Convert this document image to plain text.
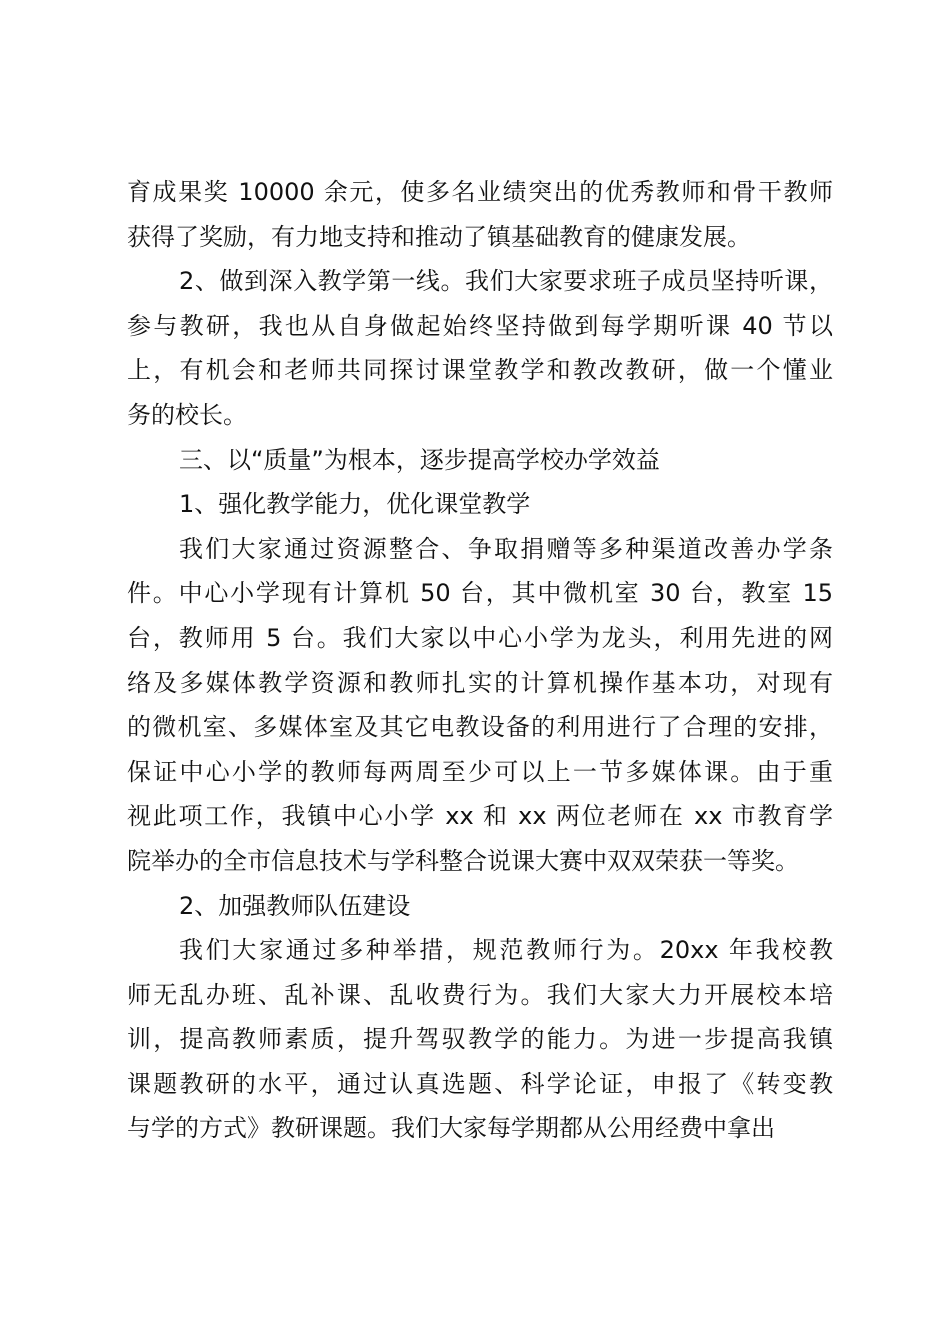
育成果奖 10000 余元，使多名业绩突出的优秀教师和骨干教师
获得了奖励，有力地支持和推动了镇基础教育的健康发展。
2、做到深入教学第一线。我们大家要求班子成员坚持听课，
参与教研，我也从自身做起始终坚持做到每学期听课 40 节以
上，有机会和老师共同探讨课堂教学和教改教研，做一个懂业
务的校长。
三、以“质量”为根本，逐步提高学校办学效益
1、强化教学能力，优化课堂教学
我们大家通过资源整合、争取捐赠等多种渠道改善办学条
件。中心小学现有计算机 50 台，其中微机室 30 台，教室 15
台，教师用 5 台。我们大家以中心小学为龙头，利用先进的网
络及多媒体教学资源和教师扎实的计算机操作基本功，对现有
的微机室、多媒体室及其它电教设备的利用进行了合理的安排，
保证中心小学的教师每两周至少可以上一节多媒体课。由于重
视此项工作，我镇中心小学 xx 和 xx 两位老师在 xx 市教育学
院举办的全市信息技术与学科整合说课大赛中双双荣获一等奖。
2、加强教师队伍建设
我们大家通过多种举措，规范教师行为。20xx 年我校教
师无乱办班、乱补课、乱收费行为。我们大家大力开展校本培
训，提高教师素质，提升驾驭教学的能力。为进一步提高我镇
课题教研的水平，通过认真选题、科学论证，申报了《转变教
与学的方式》教研课题。我们大家每学期都从公用经费中拿出
